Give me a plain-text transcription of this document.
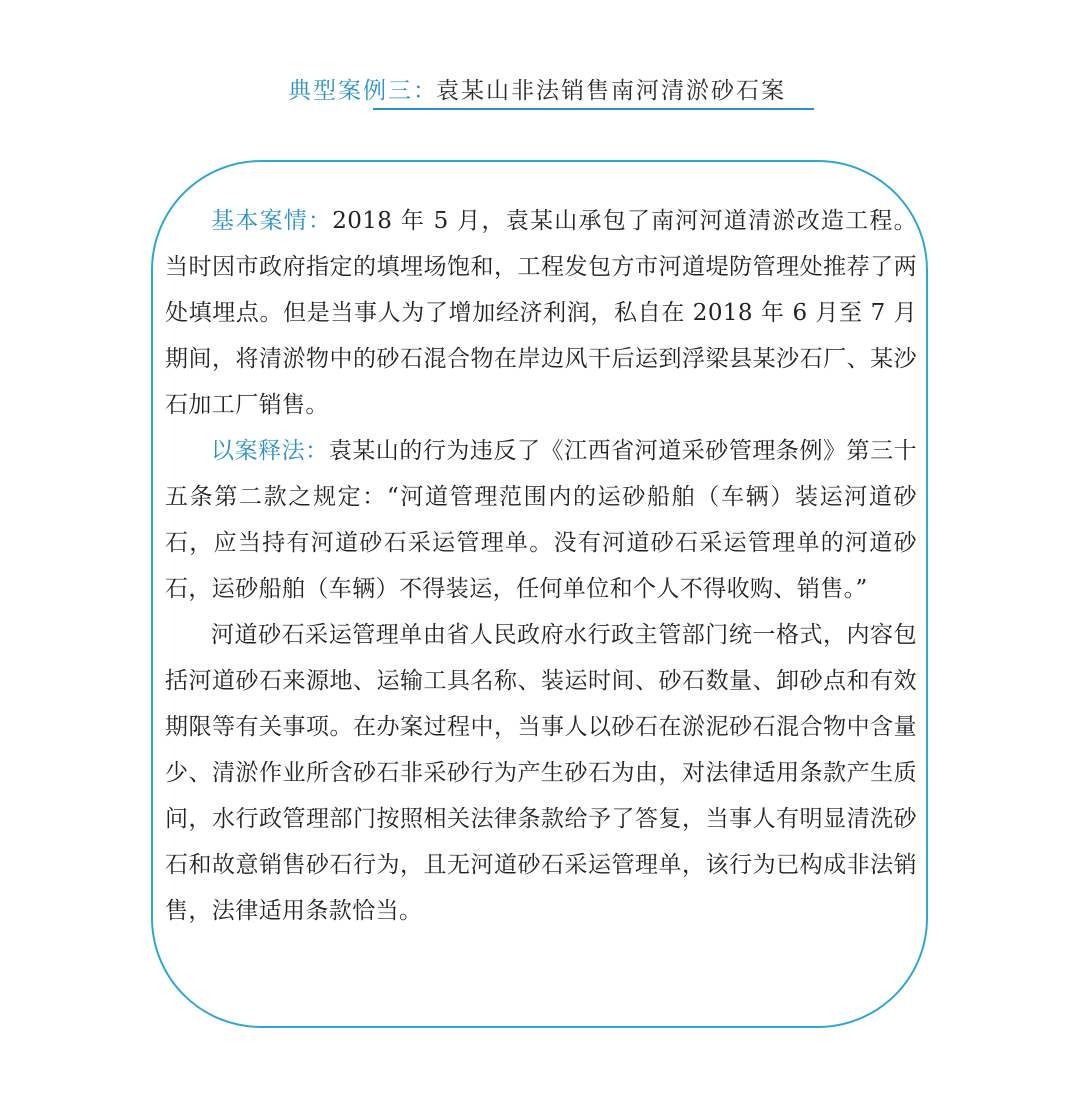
典型案例三：
袁某山非法销售南河清淤砂石案

基本案情：2018 年 5 月，袁某山承包了南河河道清淤改造工程。当时因市政府指定的填埋场饱和，工程发包方市河道堤防管理处推荐了两处填埋点。但是当事人为了增加经济利润，私自在 2018 年 6 月至 7 月期间，将清淤物中的砂石混合物在岸边风干后运到浮梁县某沙石厂、某沙石加工厂销售。

以案释法：袁某山的行为违反了《江西省河道采砂管理条例》第三十五条第二款之规定：“河道管理范围内的运砂船舶（车辆）装运河道砂石，应当持有河道砂石采运管理单。没有河道砂石采运管理单的河道砂石，运砂船舶（车辆）不得装运，任何单位和个人不得收购、销售。”

河道砂石采运管理单由省人民政府水行政主管部门统一格式，内容包括河道砂石来源地、运输工具名称、装运时间、砂石数量、卸砂点和有效期限等有关事项。在办案过程中，当事人以砂石在淤泥砂石混合物中含量少、清淤作业所含砂石非采砂行为产生砂石为由，对法律适用条款产生质问，水行政管理部门按照相关法律条款给予了答复，当事人有明显清洗砂石和故意销售砂石行为，且无河道砂石采运管理单，该行为已构成非法销售，法律适用条款恰当。
